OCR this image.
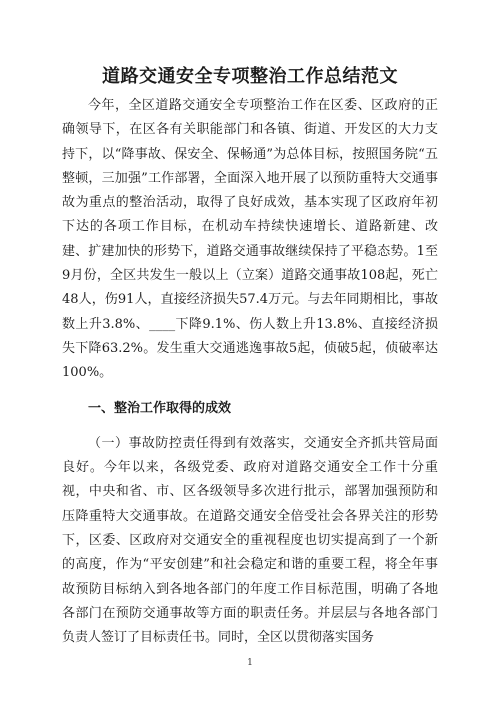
道路交通安全专项整治工作总结范文

今年，全区道路交通安全专项整治工作在区委、区政府的正确领导下，在区各有关职能部门和各镇、街道、开发区的大力支持下，以“降事故、保安全、保畅通”为总体目标，按照国务院“五整顿，三加强”工作部署，全面深入地开展了以预防重特大交通事故为重点的整治活动，取得了良好成效，基本实现了区政府年初下达的各项工作目标，在机动车持续快速增长、道路新建、改建、扩建加快的形势下，道路交通事故继续保持了平稳态势。1至9月份，全区共发生一般以上（立案）道路交通事故108起，死亡48人，伤91人，直接经济损失57.4万元。与去年同期相比，事故数上升3.8%、____下降9.1%、伤人数上升13.8%、直接经济损失下降63.2%。发生重大交通逃逸事故5起，侦破5起，侦破率达100%。

一、整治工作取得的成效

（一）事故防控责任得到有效落实，交通安全齐抓共管局面良好。今年以来，各级党委、政府对道路交通安全工作十分重视，中央和省、市、区各级领导多次进行批示，部署加强预防和压降重特大交通事故。在道路交通安全倍受社会各界关注的形势下，区委、区政府对交通安全的重视程度也切实提高到了一个新的高度，作为“平安创建”和社会稳定和谐的重要工程，将全年事故预防目标纳入到各地各部门的年度工作目标范围，明确了各地各部门在预防交通事故等方面的职责任务。并层层与各地各部门负责人签订了目标责任书。同时，全区以贯彻落实国务

1
